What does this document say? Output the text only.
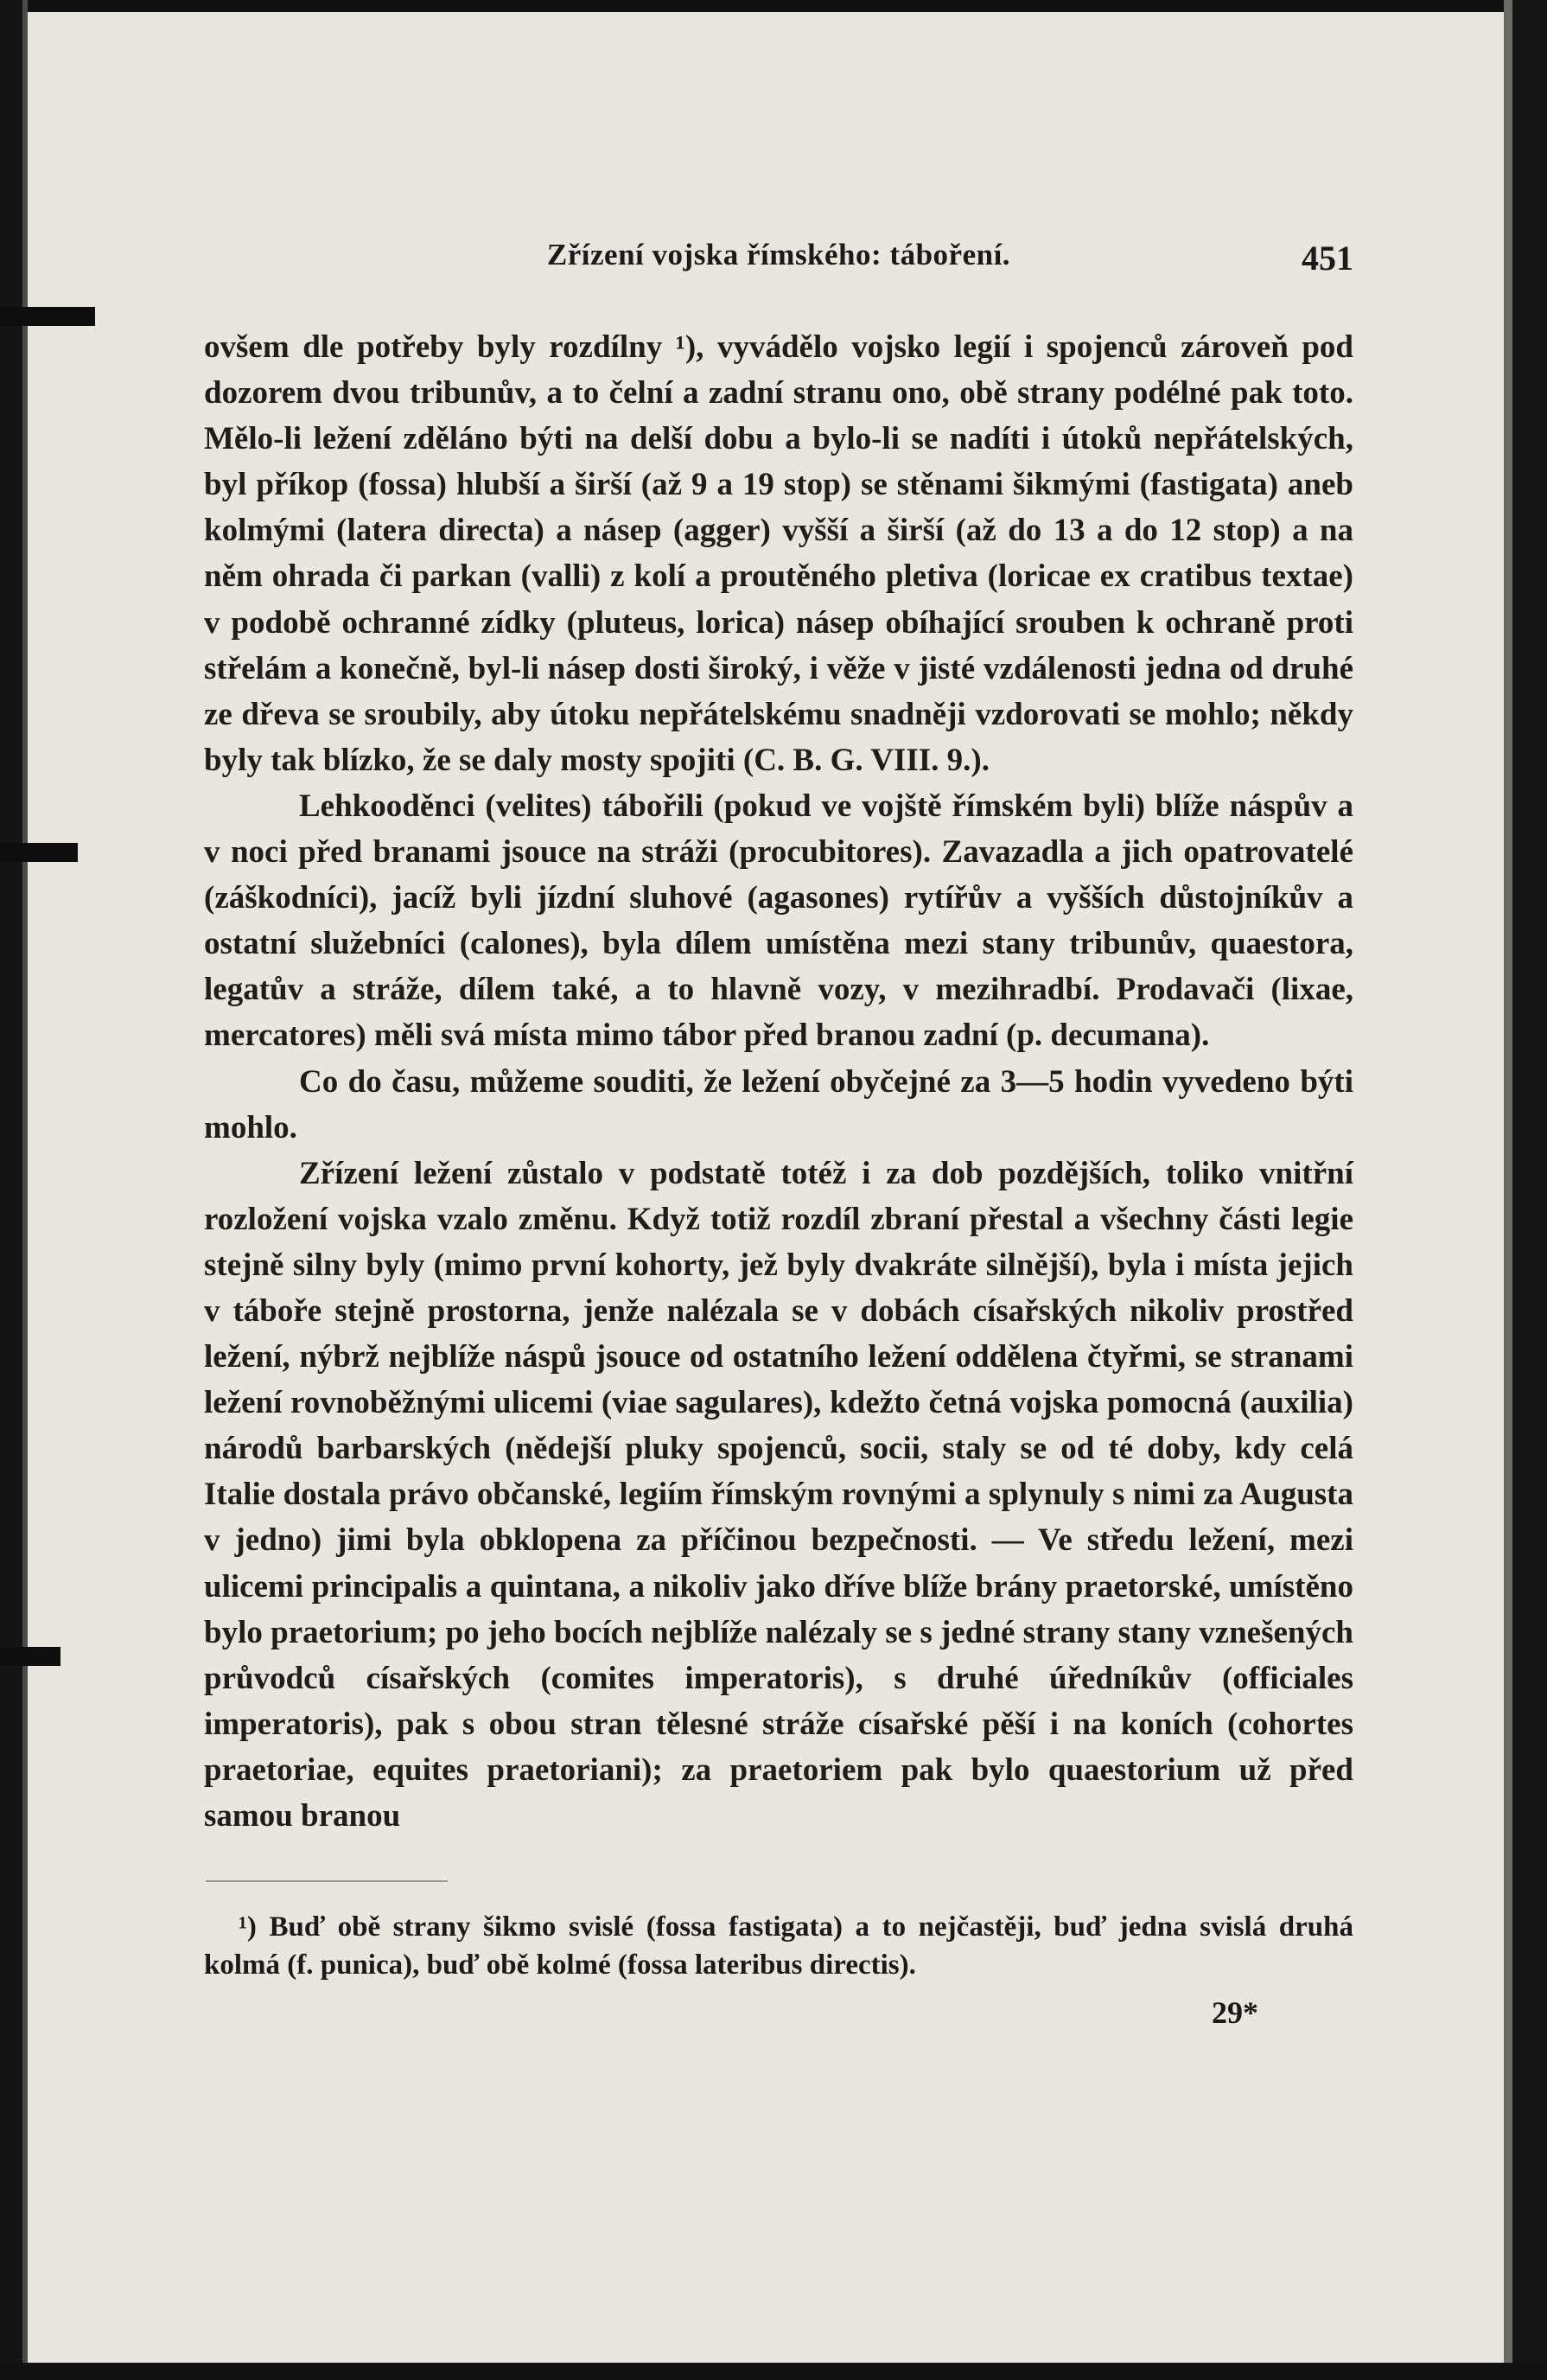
Zřízení vojska římského: táboření.	451

ovšem dle potřeby byly rozdílny ¹), vyvádělo vojsko legií i spojenců zároveň pod dozorem dvou tribunův, a to čelní a zadní stranu ono, obě strany podélné pak toto. Mělo-li ležení zděláno býti na delší dobu a bylo-li se nadíti i útoků nepřátelských, byl příkop (fossa) hlubší a širší (až 9 a 19 stop) se stěnami šikmými (fastigata) aneb kolmými (latera directa) a násep (agger) vyšší a širší (až do 13 a do 12 stop) a na něm ohrada či parkan (valli) z kolí a proutěného pletiva (loricae ex cratibus textae) v podobě ochranné zídky (pluteus, lorica) násep obíhající srouben k ochraně proti střelám a konečně, byl-li násep dosti široký, i věže v jisté vzdálenosti jedna od druhé ze dřeva se sroubily, aby útoku nepřátelskému snadněji vzdorovati se mohlo; někdy byly tak blízko, že se daly mosty spojiti (C. B. G. VIII. 9.).

Lehkooděnci (velites) tábořili (pokud ve vojště římském byli) blíže náspův a v noci před branami jsouce na stráži (procubitores). Zavazadla a jich opatrovatelé (záškodníci), jacíž byli jízdní sluhové (agasones) rytířův a vyšších důstojníkův a ostatní služebníci (calones), byla dílem umístěna mezi stany tribunův, quaestora, legatův a stráže, dílem také, a to hlavně vozy, v mezihradbí. Prodavači (lixae, mercatores) měli svá místa mimo tábor před branou zadní (p. decumana).

Co do času, můžeme souditi, že ležení obyčejné za 3—5 hodin vyvedeno býti mohlo.

Zřízení ležení zůstalo v podstatě totéž i za dob pozdějších, toliko vnitřní rozložení vojska vzalo změnu. Když totiž rozdíl zbraní přestal a všechny části legie stejně silny byly (mimo první kohorty, jež byly dvakráte silnější), byla i místa jejich v táboře stejně prostorna, jenže nalézala se v dobách císařských nikoliv prostřed ležení, nýbrž nejblíže náspů jsouce od ostatního ležení oddělena čtyřmi, se stranami ležení rovnoběžnými ulicemi (viae sagulares), kdežto četná vojska pomocná (auxilia) národů barbarských (nědejší pluky spojenců, socii, staly se od té doby, kdy celá Italie dostala právo občanské, legiím římským rovnými a splynuly s nimi za Augusta v jedno) jimi byla obklopena za příčinou bezpečnosti. — Ve středu ležení, mezi ulicemi principalis a quintana, a nikoliv jako dříve blíže brány praetorské, umístěno bylo praetorium; po jeho bocích nejblíže nalézaly se s jedné strany stany vznešených průvodců císařských (comites imperatoris), s druhé úředníkův (officiales imperatoris), pak s obou stran tělesné stráže císařské pěší i na koních (cohortes praetoriae, equites praetoriani); za praetoriem pak bylo quaestorium už před samou branou

¹) Buď obě strany šikmo svislé (fossa fastigata) a to nejčastěji, buď jedna svislá druhá kolmá (f. punica), buď obě kolmé (fossa lateribus directis).
29*
